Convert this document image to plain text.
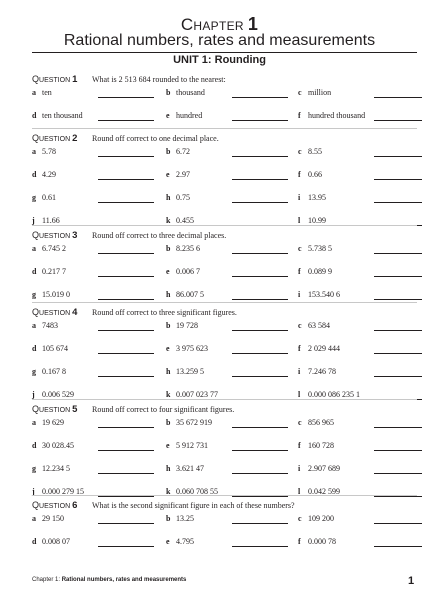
CHAPTER 1
Rational numbers, rates and measurements
UNIT 1: Rounding
QUESTION 1 What is 2 513 684 rounded to the nearest:
a ten	b thousand	c million
d ten thousand	e hundred	f hundred thousand
QUESTION 2 Round off correct to one decimal place.
a 5.78	b 6.72	c 8.55
d 4.29	e 2.97	f 0.66
g 0.61	h 0.75	i 13.95
j 11.66	k 0.455	l 10.99
QUESTION 3 Round off correct to three decimal places.
a 6.745 2	b 8.235 6	c 5.738 5
d 0.217 7	e 0.006 7	f 0.089 9
g 15.019 0	h 86.007 5	i 153.540 6
QUESTION 4 Round off correct to three significant figures.
a 7483	b 19 728	c 63 584
d 105 674	e 3 975 623	f 2 029 444
g 0.167 8	h 13.259 5	i 7.246 78
j 0.006 529	k 0.007 023 77	l 0.000 086 235 1
QUESTION 5 Round off correct to four significant figures.
a 19 629	b 35 672 919	c 856 965
d 30 028.45	e 5 912 731	f 160 728
g 12.234 5	h 3.621 47	i 2.907 689
j 0.000 279 15	k 0.060 708 55	l 0.042 599
QUESTION 6 What is the second significant figure in each of these numbers?
a 29 150	b 13.25	c 109 200
d 0.008 07	e 4.795	f 0.000 78
Chapter 1: Rational numbers, rates and measurements	1
